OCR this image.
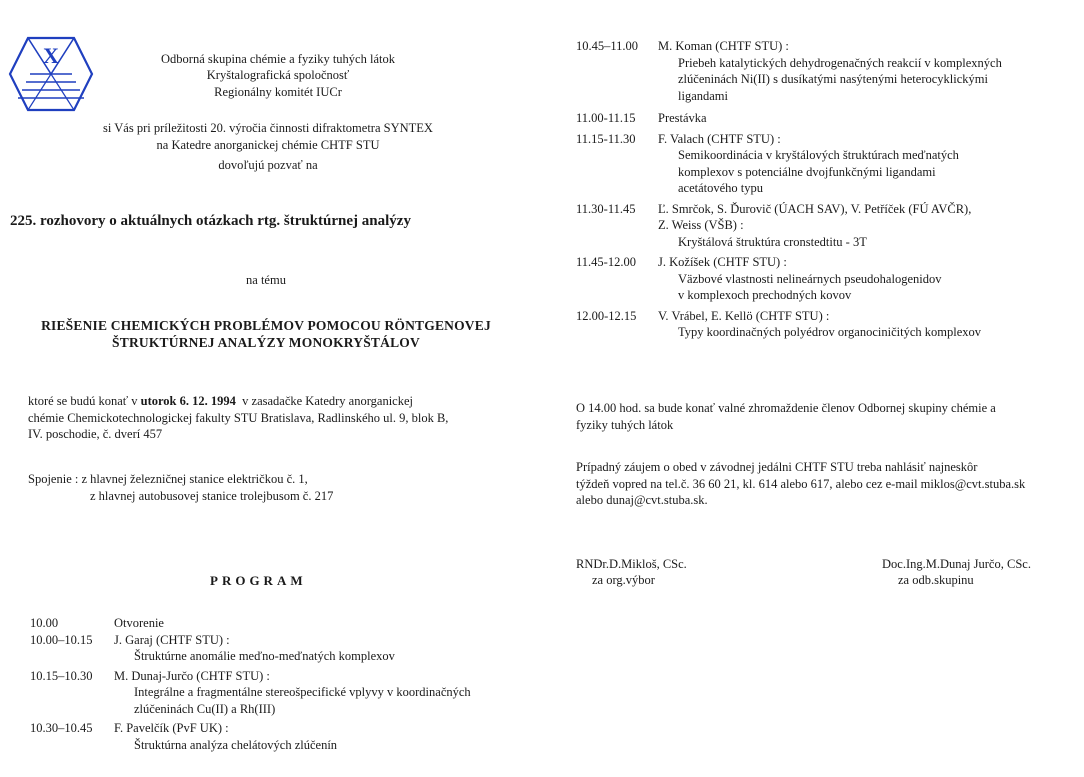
X	Odborná skupina chémie a fyziky tuhých látok
Kryštalografická spoločnosť
Regionálny komitét IUCr
si Vás pri príležitosti 20. výročia činnosti difraktometra SYNTEX
na Katedre anorganickej chémie CHTF STU
dovoľujú pozvať na
225. rozhovory o aktuálnych otázkach rtg. štruktúrnej analýzy
na tému
RIEŠENIE CHEMICKÝCH PROBLÉMOV POMOCOU RÖNTGENOVEJ
ŠTRUKTÚRNEJ ANALÝZY MONOKRYŠTÁLOV
ktoré se budú konať v utorok 6. 12. 1994  v zasadačke Katedry anorganickej
chémie Chemickotechnologickej fakulty STU Bratislava, Radlinského ul. 9, blok B,
IV. poschodie, č. dverí 457
Spojenie : z hlavnej železničnej stanice električkou č. 1,
z hlavnej autobusovej stanice trolejbusom č. 217
PROGRAM
10.00	Otvorenie
10.00–10.15	J. Garaj (CHTF STU) :
Štruktúrne anomálie meďno-meďnatých komplexov
10.15–10.30	M. Dunaj-Jurčo (CHTF STU) :
Integrálne a fragmentálne stereošpecifické vplyvy v koordinačných
zlúčeninách Cu(II) a Rh(III)
10.30–10.45	F. Pavelčík (PvF UK) :
Štruktúrna analýza chelátových zlúčenín
10.45–11.00	M. Koman (CHTF STU) :
Priebeh katalytických dehydrogenačných reakcií v komplexných
zlúčeninách Ni(II) s dusíkatými nasýtenými heterocyklickými
ligandami
11.00-11.15	Prestávka
11.15-11.30	F. Valach (CHTF STU) :
Semikoordinácia v kryštálových štruktúrach meďnatých
komplexov s potenciálne dvojfunkčnými ligandami
acetátového typu
11.30-11.45	Ľ. Smrčok, S. Ďurovič (ÚACH SAV), V. Petříček (FÚ AVČR),
Z. Weiss (VŠB) :
Kryštálová štruktúra cronstedtitu - 3T
11.45-12.00	J. Kožíšek (CHTF STU) :
Väzbové vlastnosti nelineárnych pseudohalogenidov
v komplexoch prechodných kovov
12.00-12.15	V. Vrábel, E. Kellö (CHTF STU) :
Typy koordinačných polyédrov organociničitých komplexov
O 14.00 hod. sa bude konať valné zhromaždenie členov Odbornej skupiny chémie a
fyziky tuhých látok
Prípadný záujem o obed v závodnej jedálni CHTF STU treba nahlásiť najneskôr
týždeň vopred na tel.č. 36 60 21, kl. 614 alebo 617, alebo cez e-mail miklos@cvt.stuba.sk
alebo dunaj@cvt.stuba.sk.
RNDr.D.Mikloš, CSc.
za org.výbor
Doc.Ing.M.Dunaj Jurčo, CSc.
za odb.skupinu
